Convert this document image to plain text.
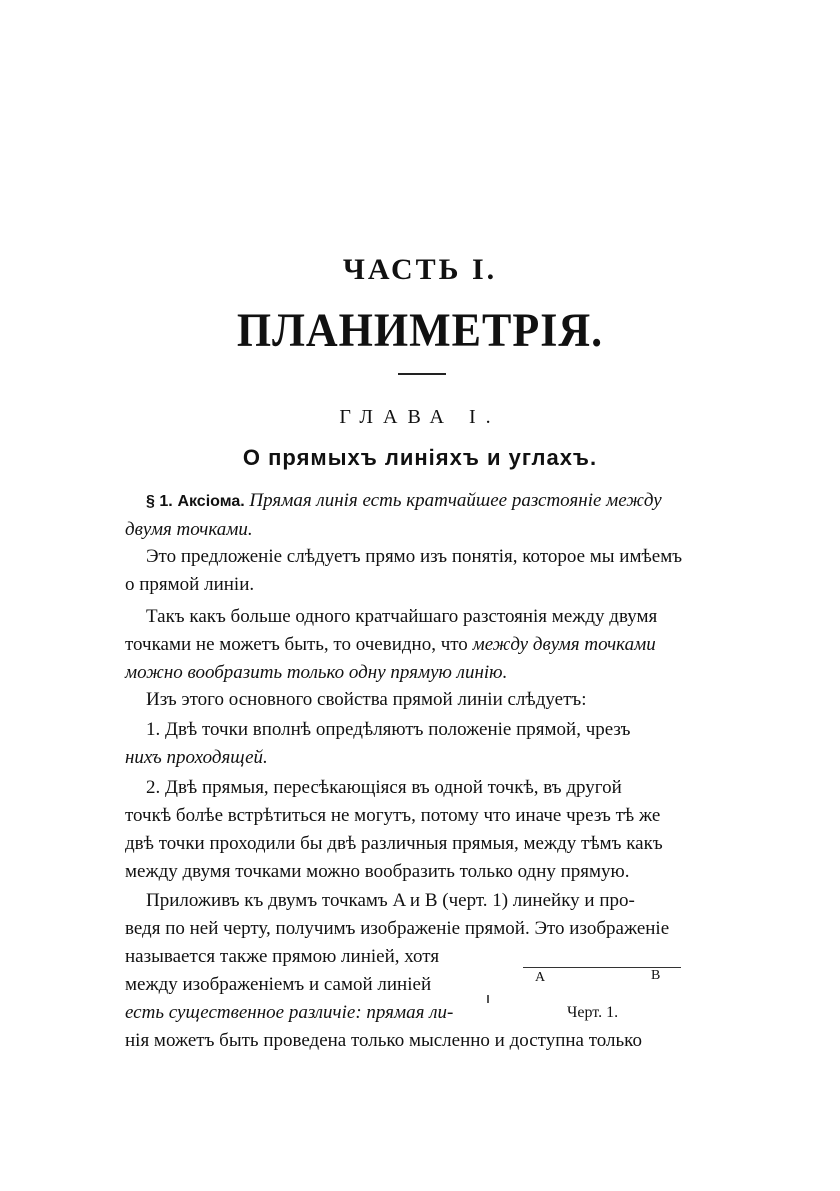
ЧАСТЬ I.
ПЛАНИМЕТРІЯ.
ГЛАВА I.
О прямыхъ линіяхъ и углахъ.
§ 1. Аксіома. Прямая линія есть кратчайшее разстояніе между
двумя точками.
Это предложеніе слѣдуетъ прямо изъ понятія, которое мы имѣемъ
о прямой линіи.
Такъ какъ больше одного кратчайшаго разстоянія между двумя
точками не можетъ быть, то очевидно, что между двумя точками
можно вообразить только одну прямую линію.
Изъ этого основного свойства прямой линіи слѣдуетъ:
1. Двѣ точки вполнѣ опредѣляютъ положеніе прямой, чрезъ
нихъ проходящей.
2. Двѣ прямыя, пересѣкающіяся въ одной точкѣ, въ другой
точкѣ болѣе встрѣтиться не могутъ, потому что иначе чрезъ тѣ же
двѣ точки проходили бы двѣ различныя прямыя, между тѣмъ какъ
между двумя точками можно вообразить только одну прямую.
Приложивъ къ двумъ точкамъ A и B (черт. 1) линейку и про-
ведя по ней черту, получимъ изображеніе прямой. Это изображеніе
называется также прямою линіей, хотя
между изображеніемъ и самой линіей
есть существенное различіе: прямая ли-
нія можетъ быть проведена только мысленно и доступна только
A	B
Черт. 1.
